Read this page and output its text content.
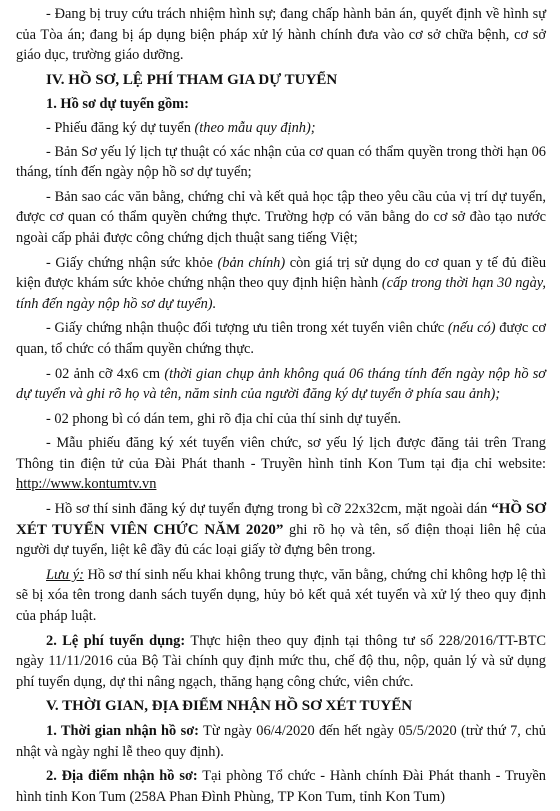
- Đang bị truy cứu trách nhiệm hình sự; đang chấp hành bản án, quyết định về hình sự của Tòa án; đang bị áp dụng biện pháp xử lý hành chính đưa vào cơ sở chữa bệnh, cơ sở giáo dục, trường giáo dưỡng.

IV. HỒ SƠ, LỆ PHÍ THAM GIA DỰ TUYỂN

1. Hồ sơ dự tuyển gồm:

- Phiếu đăng ký dự tuyển (theo mẫu quy định);

- Bản Sơ yếu lý lịch tự thuật có xác nhận của cơ quan có thẩm quyền trong thời hạn 06 tháng, tính đến ngày nộp hồ sơ dự tuyển;

- Bản sao các văn bằng, chứng chỉ và kết quả học tập theo yêu cầu của vị trí dự tuyển, được cơ quan có thẩm quyền chứng thực. Trường hợp có văn bằng do cơ sở đào tạo nước ngoài cấp phải được công chứng dịch thuật sang tiếng Việt;

- Giấy chứng nhận sức khỏe (bản chính) còn giá trị sử dụng do cơ quan y tế đủ điều kiện được khám sức khỏe chứng nhận theo quy định hiện hành (cấp trong thời hạn 30 ngày, tính đến ngày nộp hồ sơ dự tuyển).

- Giấy chứng nhận thuộc đối tượng ưu tiên trong xét tuyển viên chức (nếu có) được cơ quan, tổ chức có thẩm quyền chứng thực.

- 02 ảnh cỡ 4x6 cm (thời gian chụp ảnh không quá 06 tháng tính đến ngày nộp hồ sơ dự tuyển và ghi rõ họ và tên, năm sinh của người đăng ký dự tuyển ở phía sau ảnh);

- 02 phong bì có dán tem, ghi rõ địa chỉ của thí sinh dự tuyển.

- Mẫu phiếu đăng ký xét tuyển viên chức, sơ yếu lý lịch được đăng tải trên Trang Thông tin điện tử của Đài Phát thanh - Truyền hình tỉnh Kon Tum tại địa chỉ website: http://www.kontumtv.vn

- Hồ sơ thí sinh đăng ký dự tuyển đựng trong bì cỡ 22x32cm, mặt ngoài dán “HỒ SƠ XÉT TUYỂN VIÊN CHỨC NĂM 2020” ghi rõ họ và tên, số điện thoại liên hệ của người dự tuyển, liệt kê đầy đủ các loại giấy tờ đựng bên trong.

Lưu ý: Hồ sơ thí sinh nếu khai không trung thực, văn bằng, chứng chỉ không hợp lệ thì sẽ bị xóa tên trong danh sách tuyển dụng, hủy bỏ kết quả xét tuyển và xử lý theo quy định của pháp luật.

2. Lệ phí tuyển dụng: Thực hiện theo quy định tại thông tư số 228/2016/TT-BTC ngày 11/11/2016 của Bộ Tài chính quy định mức thu, chế độ thu, nộp, quản lý và sử dụng phí tuyển dụng, dự thi nâng ngạch, thăng hạng công chức, viên chức.

V. THỜI GIAN, ĐỊA ĐIỂM NHẬN HỒ SƠ XÉT TUYỂN

1. Thời gian nhận hồ sơ: Từ ngày 06/4/2020 đến hết ngày 05/5/2020 (trừ thứ 7, chủ nhật và ngày nghỉ lễ theo quy định).

2. Địa điểm nhận hồ sơ: Tại phòng Tổ chức - Hành chính Đài Phát thanh - Truyền hình tỉnh Kon Tum (258A Phan Đình Phùng, TP Kon Tum, tỉnh Kon Tum)
